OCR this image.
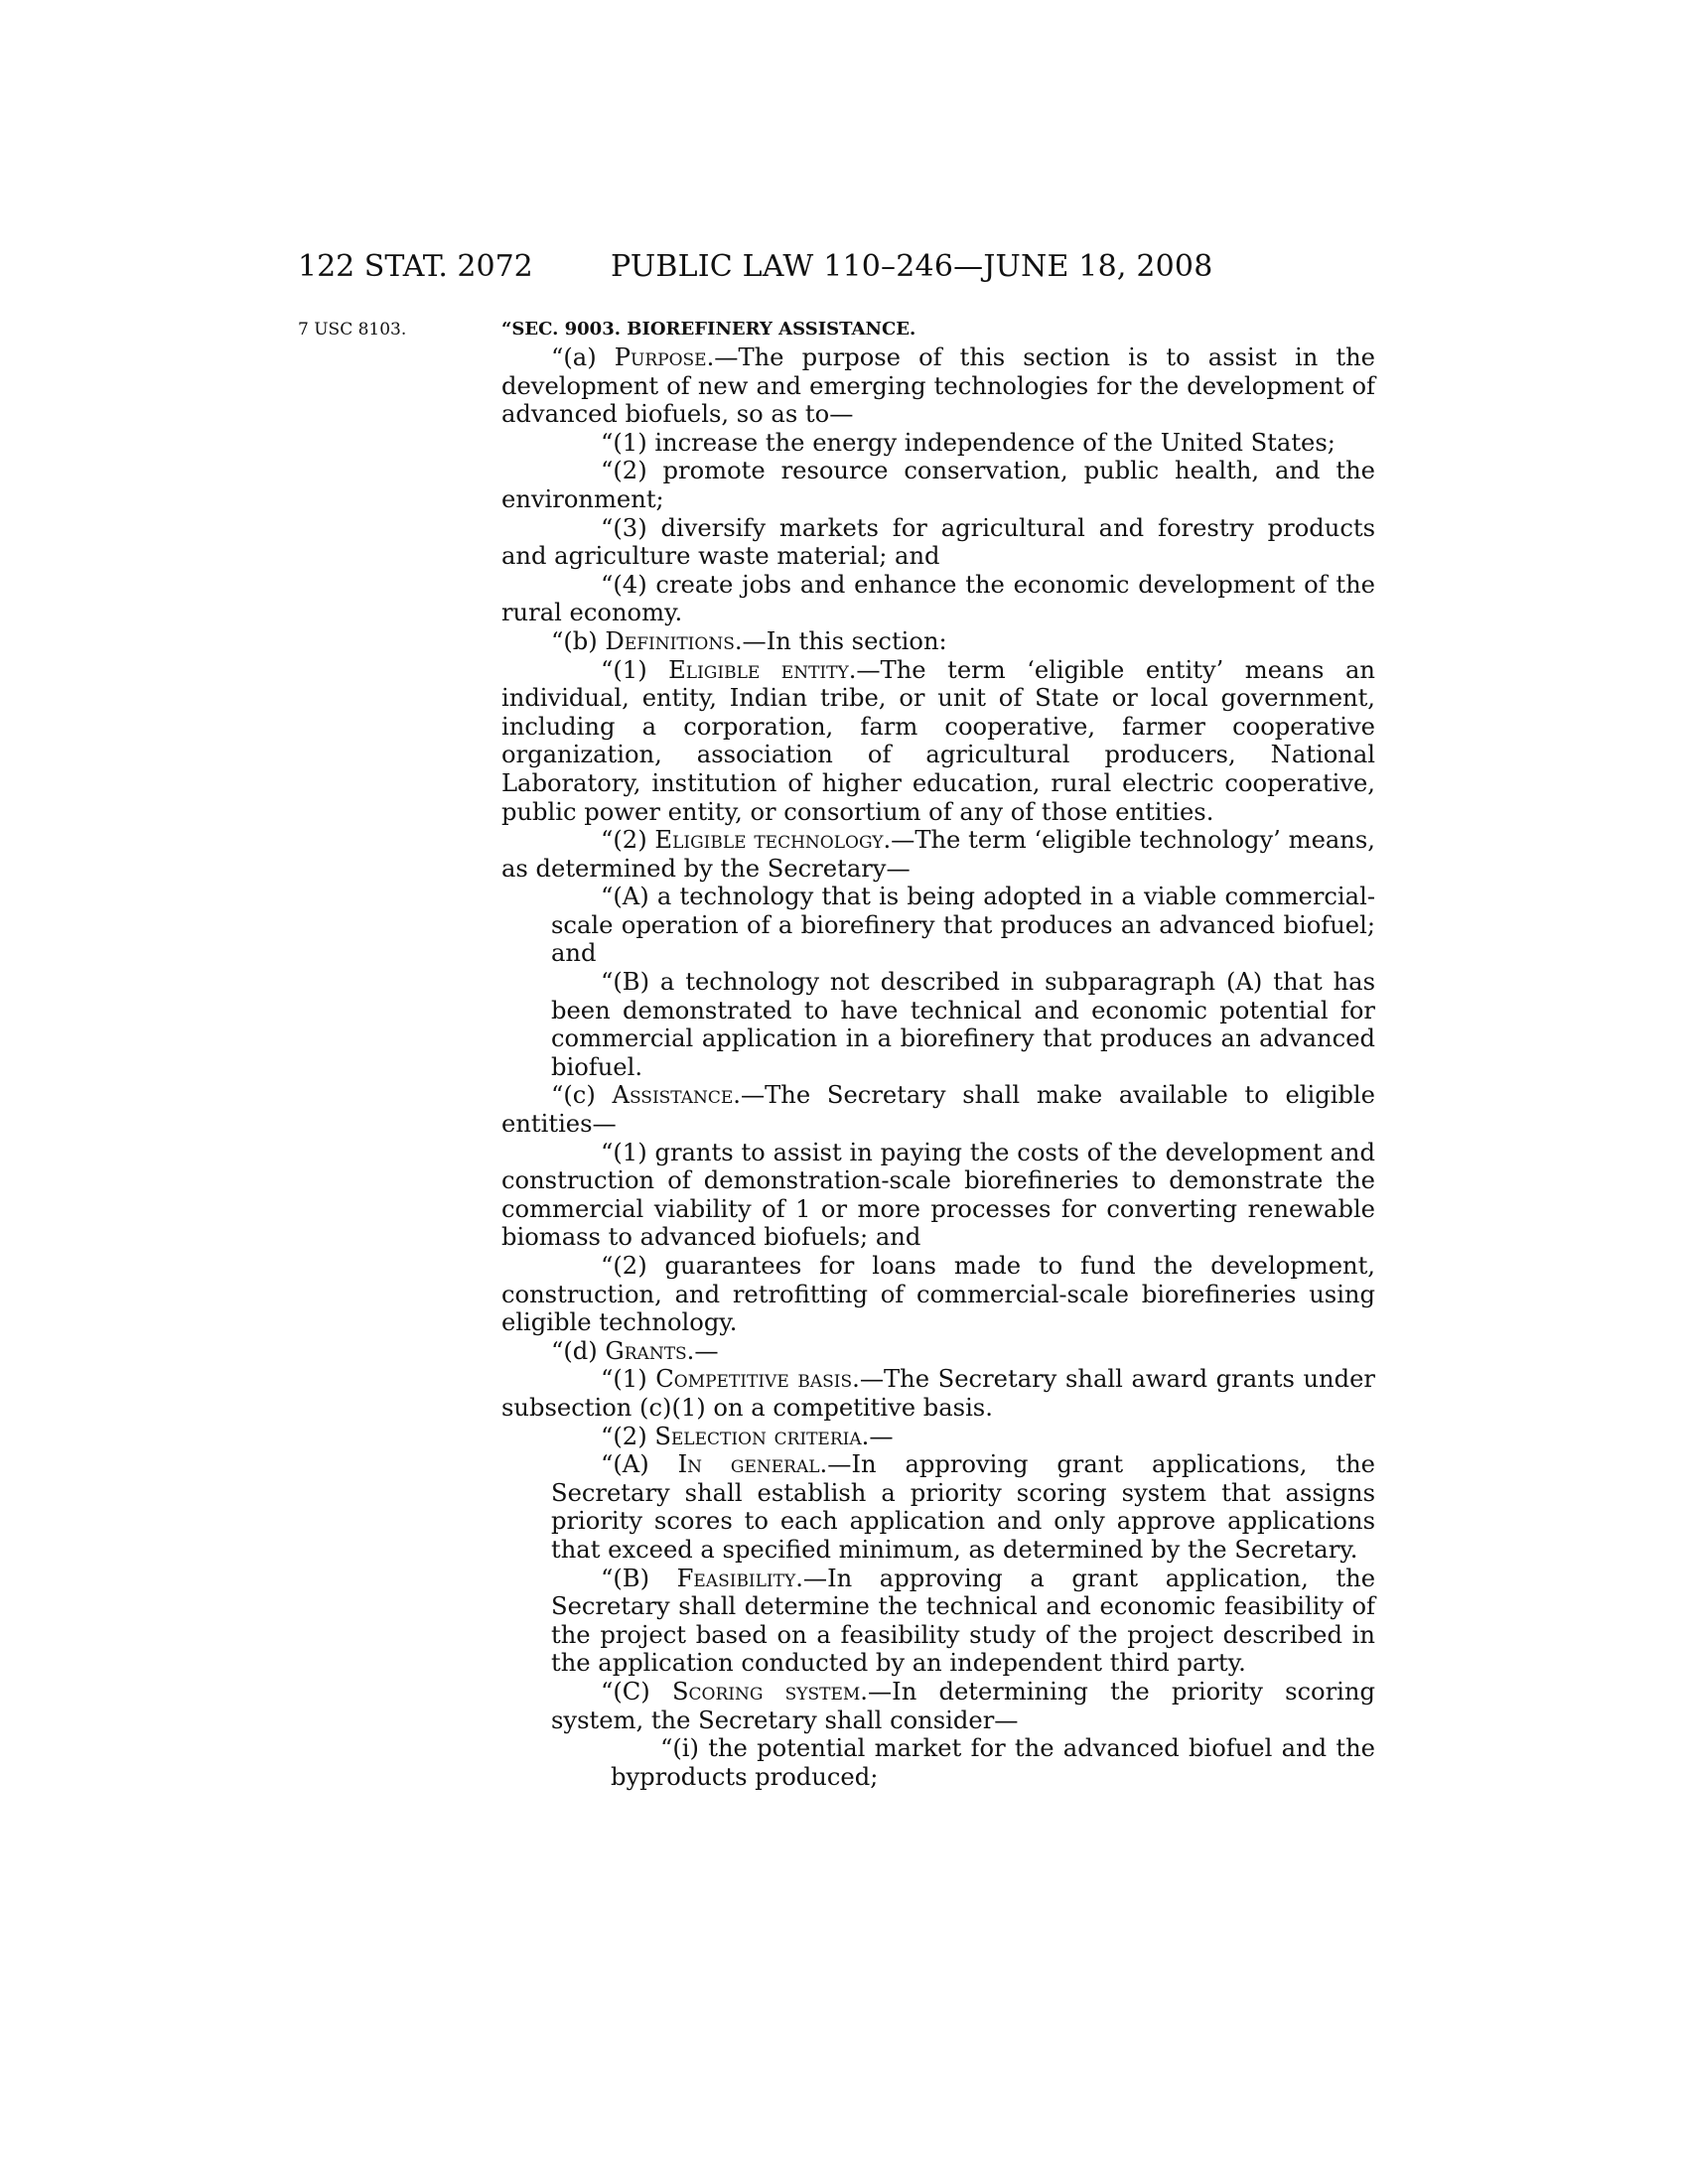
122 STAT. 2072	PUBLIC LAW 110–246—JUNE 18, 2008
7 USC 8103.	“SEC. 9003. BIOREFINERY ASSISTANCE.

“(a) Purpose.—The purpose of this section is to assist in the development of new and emerging technologies for the development of advanced biofuels, so as to—

“(1) increase the energy independence of the United States;

“(2) promote resource conservation, public health, and the environment;

“(3) diversify markets for agricultural and forestry products and agriculture waste material; and

“(4) create jobs and enhance the economic development of the rural economy.

“(b) Definitions.—In this section:

“(1) Eligible entity.—The term ‘eligible entity’ means an individual, entity, Indian tribe, or unit of State or local government, including a corporation, farm cooperative, farmer cooperative organization, association of agricultural producers, National Laboratory, institution of higher education, rural electric cooperative, public power entity, or consortium of any of those entities.

“(2) Eligible technology.—The term ‘eligible technology’ means, as determined by the Secretary—

“(A) a technology that is being adopted in a viable commercial-scale operation of a biorefinery that produces an advanced biofuel; and

“(B) a technology not described in subparagraph (A) that has been demonstrated to have technical and economic potential for commercial application in a biorefinery that produces an advanced biofuel.

“(c) Assistance.—The Secretary shall make available to eligible entities—

“(1) grants to assist in paying the costs of the development and construction of demonstration-scale biorefineries to demonstrate the commercial viability of 1 or more processes for converting renewable biomass to advanced biofuels; and

“(2) guarantees for loans made to fund the development, construction, and retrofitting of commercial-scale biorefineries using eligible technology.

“(d) Grants.—

“(1) Competitive basis.—The Secretary shall award grants under subsection (c)(1) on a competitive basis.

“(2) Selection criteria.—

“(A) In general.—In approving grant applications, the Secretary shall establish a priority scoring system that assigns priority scores to each application and only approve applications that exceed a specified minimum, as determined by the Secretary.

“(B) Feasibility.—In approving a grant application, the Secretary shall determine the technical and economic feasibility of the project based on a feasibility study of the project described in the application conducted by an independent third party.

“(C) Scoring system.—In determining the priority scoring system, the Secretary shall consider—

“(i) the potential market for the advanced biofuel and the byproducts produced;
